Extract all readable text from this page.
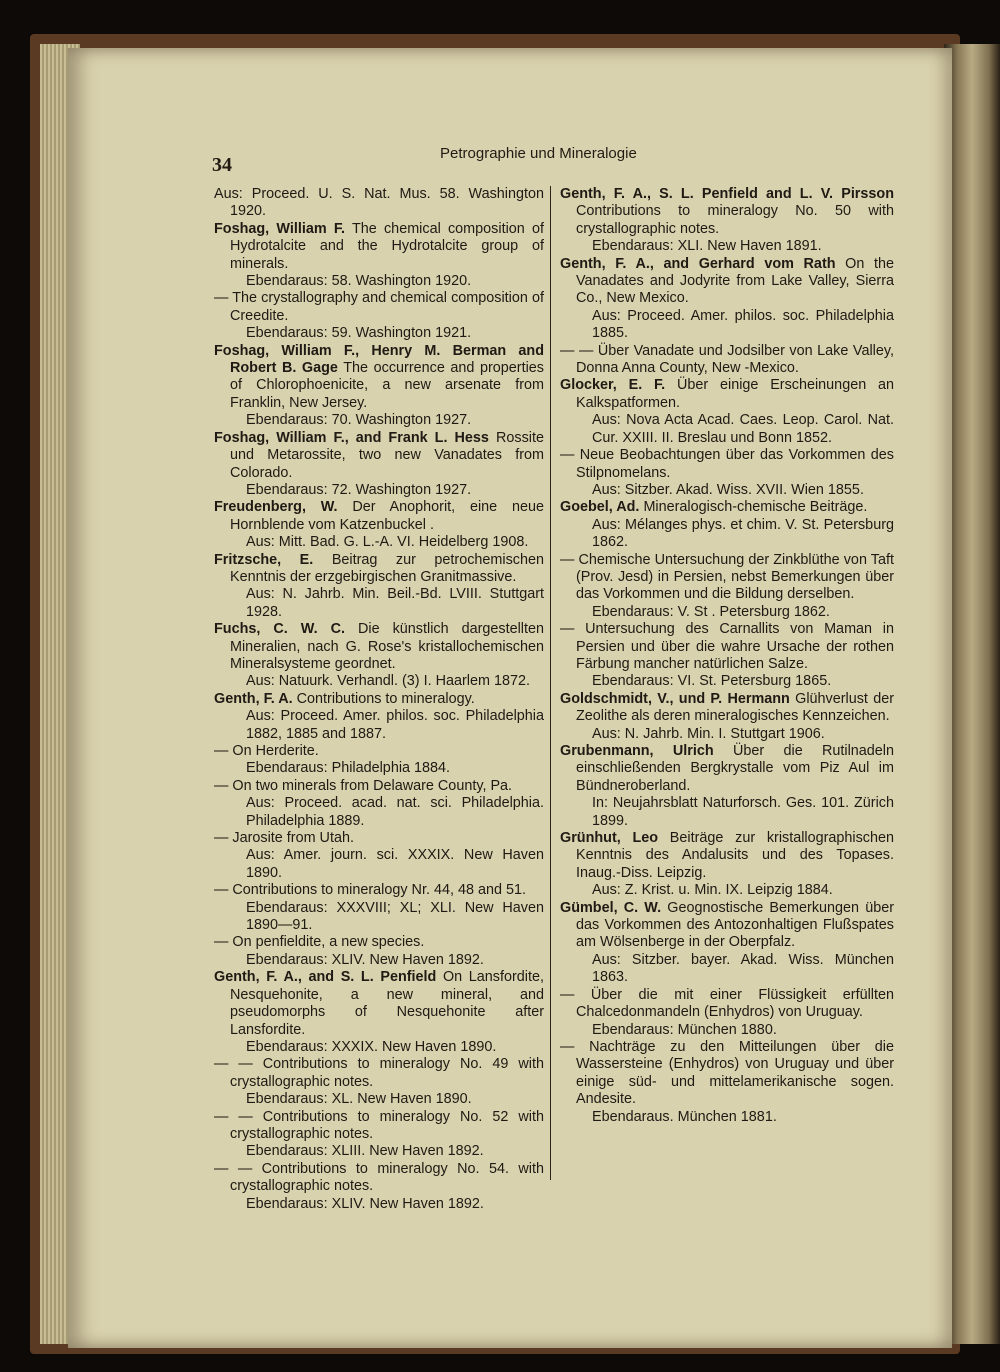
34
Petrographie und Mineralogie

Aus: Proceed. U. S. Nat. Mus. 58. Washington 1920.

Foshag, William F. The chemical composition of Hydrotalcite and the Hydrotalcite group of minerals.

Ebendaraus: 58. Washington 1920.

— The crystallography and chemical composition of Creedite.

Ebendaraus: 59. Washington 1921.

Foshag, William F., Henry M. Berman and Robert B. Gage The occurrence and properties of Chlorophoenicite, a new arsenate from Franklin, New Jersey.

Ebendaraus: 70. Washington 1927.

Foshag, William F., and Frank L. Hess Rossite und Metarossite, two new Vanadates from Colorado.

Ebendaraus: 72. Washington 1927.

Freudenberg, W. Der Anophorit, eine neue Hornblende vom Katzenbuckel .

Aus: Mitt. Bad. G. L.-A. VI. Heidelberg 1908.

Fritzsche, E. Beitrag zur petrochemischen Kenntnis der erzgebirgischen Granitmassive.

Aus: N. Jahrb. Min. Beil.-Bd. LVIII. Stuttgart 1928.

Fuchs, C. W. C. Die künstlich dargestellten Mineralien, nach G. Rose's kristallochemischen Mineralsysteme geordnet.

Aus: Natuurk. Verhandl. (3) I. Haarlem 1872.

Genth, F. A. Contributions to mineralogy.

Aus: Proceed. Amer. philos. soc. Philadelphia 1882, 1885 and 1887.

— On Herderite.

Ebendaraus: Philadelphia 1884.

— On two minerals from Delaware County, Pa.

Aus: Proceed. acad. nat. sci. Philadelphia. Philadelphia 1889.

— Jarosite from Utah.

Aus: Amer. journ. sci. XXXIX. New Haven 1890.

— Contributions to mineralogy Nr. 44, 48 and 51.

Ebendaraus: XXXVIII; XL; XLI. New Haven 1890—91.

— On penfieldite, a new species.

Ebendaraus: XLIV. New Haven 1892.

Genth, F. A., and S. L. Penfield On Lansfordite, Nesquehonite, a new mineral, and pseudomorphs of Nesquehonite after Lansfordite.

Ebendaraus: XXXIX. New Haven 1890.

— — Contributions to mineralogy No. 49 with crystallographic notes.

Ebendaraus: XL. New Haven 1890.

— — Contributions to mineralogy No. 52 with crystallographic notes.

Ebendaraus: XLIII. New Haven 1892.

— — Contributions to mineralogy No. 54. with crystallographic notes.

Ebendaraus: XLIV. New Haven 1892.

Genth, F. A., S. L. Penfield and L. V. Pirsson Contributions to mineralogy No. 50 with crystallographic notes.

Ebendaraus: XLI. New Haven 1891.

Genth, F. A., and Gerhard vom Rath On the Vanadates and Jodyrite from Lake Valley, Sierra Co., New Mexico.

Aus: Proceed. Amer. philos. soc. Philadelphia 1885.

— — Über Vanadate und Jodsilber von Lake Valley, Donna Anna County, New -Mexico.

Glocker, E. F. Über einige Erscheinungen an Kalkspatformen.

Aus: Nova Acta Acad. Caes. Leop. Carol. Nat. Cur. XXIII. II. Breslau und Bonn 1852.

— Neue Beobachtungen über das Vorkommen des Stilpnomelans.

Aus: Sitzber. Akad. Wiss. XVII. Wien 1855.

Goebel, Ad. Mineralogisch-chemische Beiträge.

Aus: Mélanges phys. et chim. V. St. Petersburg 1862.

— Chemische Untersuchung der Zinkblüthe von Taft (Prov. Jesd) in Persien, nebst Bemerkungen über das Vorkommen und die Bildung derselben.

Ebendaraus: V. St . Petersburg 1862.

— Untersuchung des Carnallits von Maman in Persien und über die wahre Ursache der rothen Färbung mancher natürlichen Salze.

Ebendaraus: VI. St. Petersburg 1865.

Goldschmidt, V., und P. Hermann Glühverlust der Zeolithe als deren mineralogisches Kennzeichen.

Aus: N. Jahrb. Min. I. Stuttgart 1906.

Grubenmann, Ulrich Über die Rutilnadeln einschließenden Bergkrystalle vom Piz Aul im Bündneroberland.

In: Neujahrsblatt Naturforsch. Ges. 101. Zürich 1899.

Grünhut, Leo Beiträge zur kristallographischen Kenntnis des Andalusits und des Topases. Inaug.-Diss. Leipzig.

Aus: Z. Krist. u. Min. IX. Leipzig 1884.

Gümbel, C. W. Geognostische Bemerkungen über das Vorkommen des Antozonhaltigen Flußspates am Wölsenberge in der Oberpfalz.

Aus: Sitzber. bayer. Akad. Wiss. München 1863.

— Über die mit einer Flüssigkeit erfüllten Chalcedonmandeln (Enhydros) von Uruguay.

Ebendaraus: München 1880.

— Nachträge zu den Mitteilungen über die Wassersteine (Enhydros) von Uruguay und über einige süd- und mittelamerikanische sogen. Andesite.

Ebendaraus. München 1881.
